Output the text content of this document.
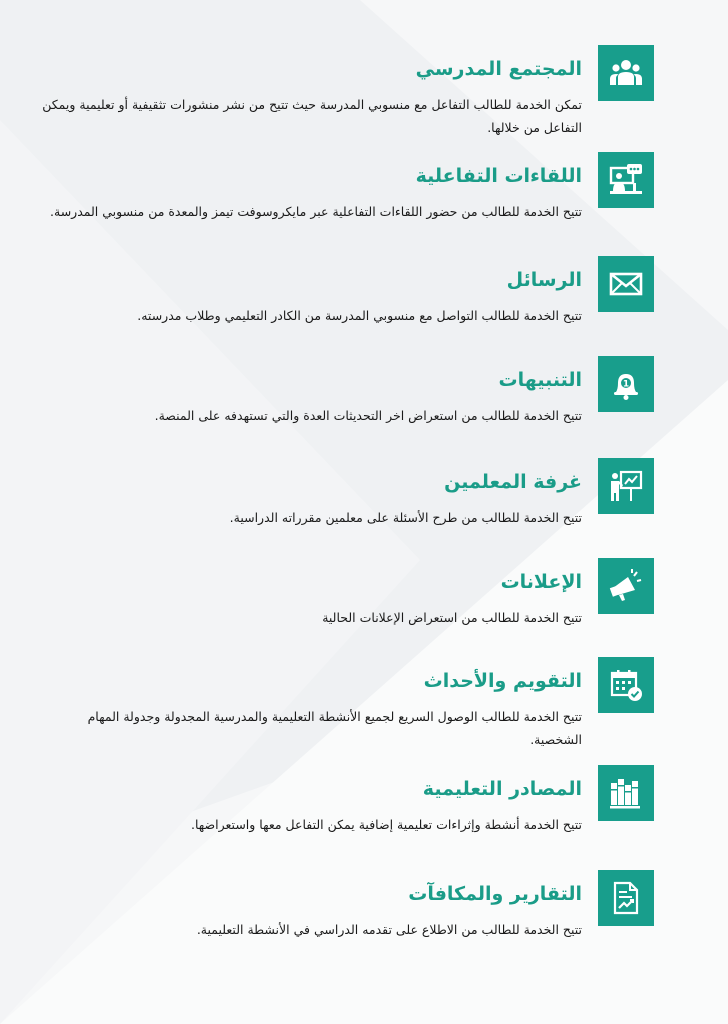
المجتمع المدرسي
تمكن الخدمة للطالب التفاعل مع منسوبي المدرسة حيث تتيح من نشر منشورات تثقيفية أو تعليمية ويمكن التفاعل من خلالها.
اللقاءات التفاعلية
تتيح الخدمة للطالب من حضور اللقاءات التفاعلية عبر مايكروسوفت تيمز والمعدة من منسوبي المدرسة.
الرسائل
تتيح الخدمة للطالب التواصل مع منسوبي المدرسة من الكادر التعليمي وطلاب مدرسته.
1
التنبيهات
تتيح الخدمة للطالب من استعراض اخر التحديثات العدة والتي تستهدفه على المنصة.
غرفة المعلمين
تتيح الخدمة للطالب من طرح الأسئلة على معلمين مقرراته الدراسية.
الإعلانات
تتيح الخدمة للطالب من استعراض الإعلانات الحالية
التقويم والأحداث
تتيح الخدمة للطالب الوصول السريع لجميع الأنشطة التعليمية والمدرسية المجدولة وجدولة المهام الشخصية.
المصادر التعليمية
تتيح الخدمة أنشطة وإثراءات تعليمية إضافية يمكن التفاعل معها واستعراضها.
التقارير والمكافآت
تتيح الخدمة للطالب من الاطلاع على تقدمه الدراسي في الأنشطة التعليمية.
